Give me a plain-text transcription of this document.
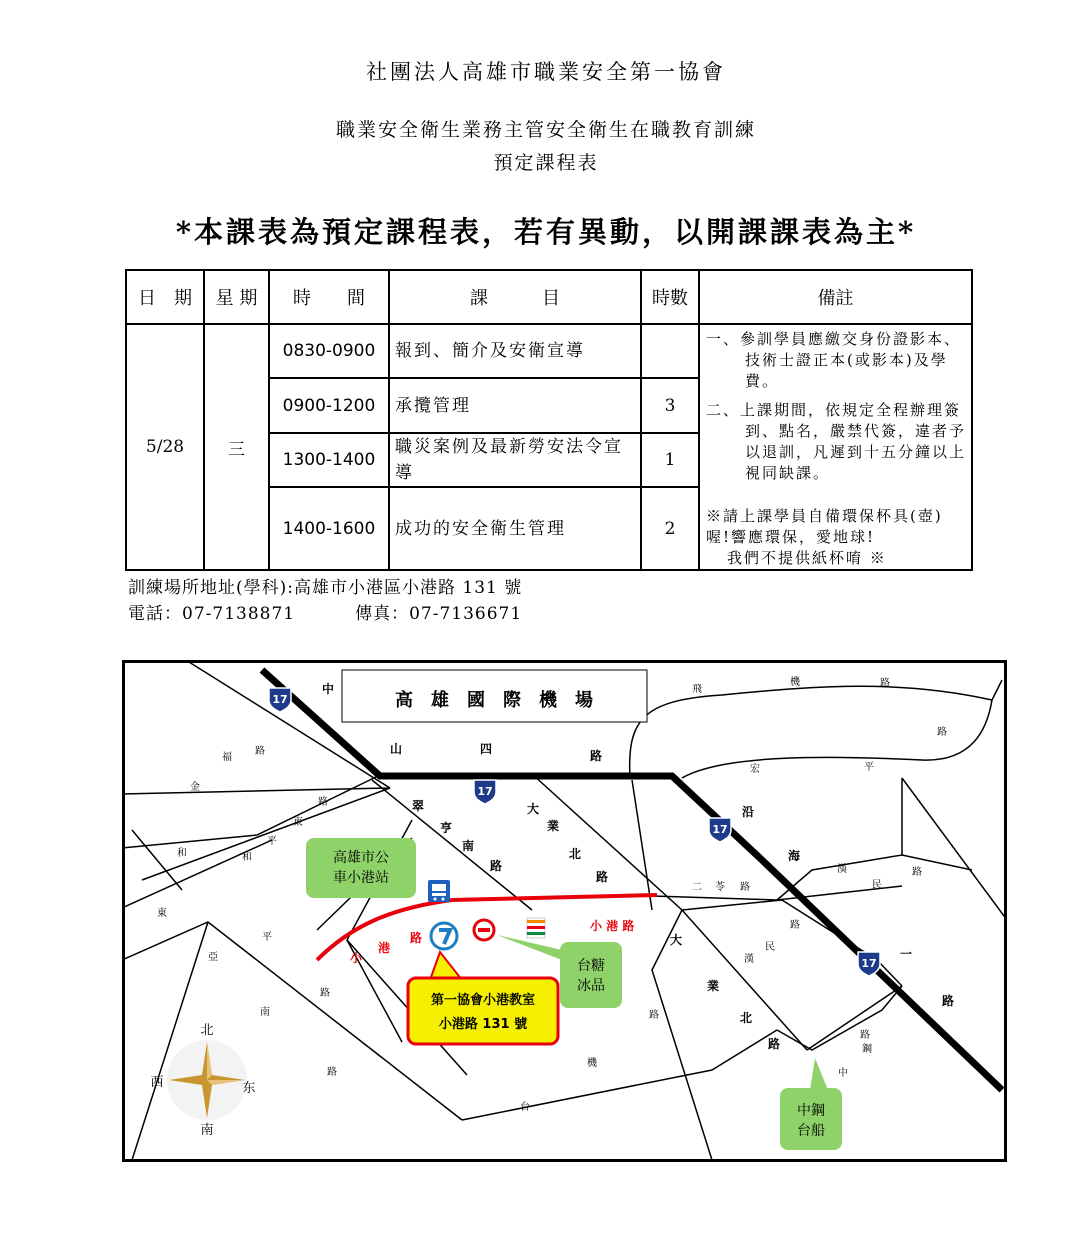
社團法人高雄市職業安全第一協會
職業安全衛生業務主管安全衛生在職教育訓練
預定課程表
*本課表為預定課程表，若有異動，以開課課表為主*
日　期	星 期	時　　間	課　　　目	時數	備註
5/28	三	0830-0900	報到、簡介及安衛宣導		一、參訓學員應繳交身份證影本、技術士證正本(或影本)及學費。
二、上課期間，依規定全程辦理簽到、點名，嚴禁代簽，違者予以退訓，凡遲到十五分鐘以上視同缺課。
※請上課學員自備環保杯具(壺)喔!響應環保，愛地球!
我們不提供紙杯唷 ※

		0900-1200	承攬管理	3	
		1300-1400	職災案例及最新勞安法令宣導	1	
		1400-1600	成功的安全衛生管理	2	
訓練場所地址(學科):高雄市小港區小港路 131 號
電話：07-7138871	傳真：07-7136671
高　雄　國　際　機　場
17
17
17
17
中
山	四	路
沿
海
一
路
翠
亨
南
路
大
業
北
路
大
業
北
路
飛
機	路
路
宏	平
路
民
漢
二 苓 路
路
民
漢
路
鋼
中
福
路
金
路
東
平
和
和
東
亞
平
南
路
路
路
機
台
小
港
路
小 港 路
高雄市公
車小港站
第一協會小港教室
小港路 131 號
台糖
冰品
中鋼
台船
北
南
西	东
